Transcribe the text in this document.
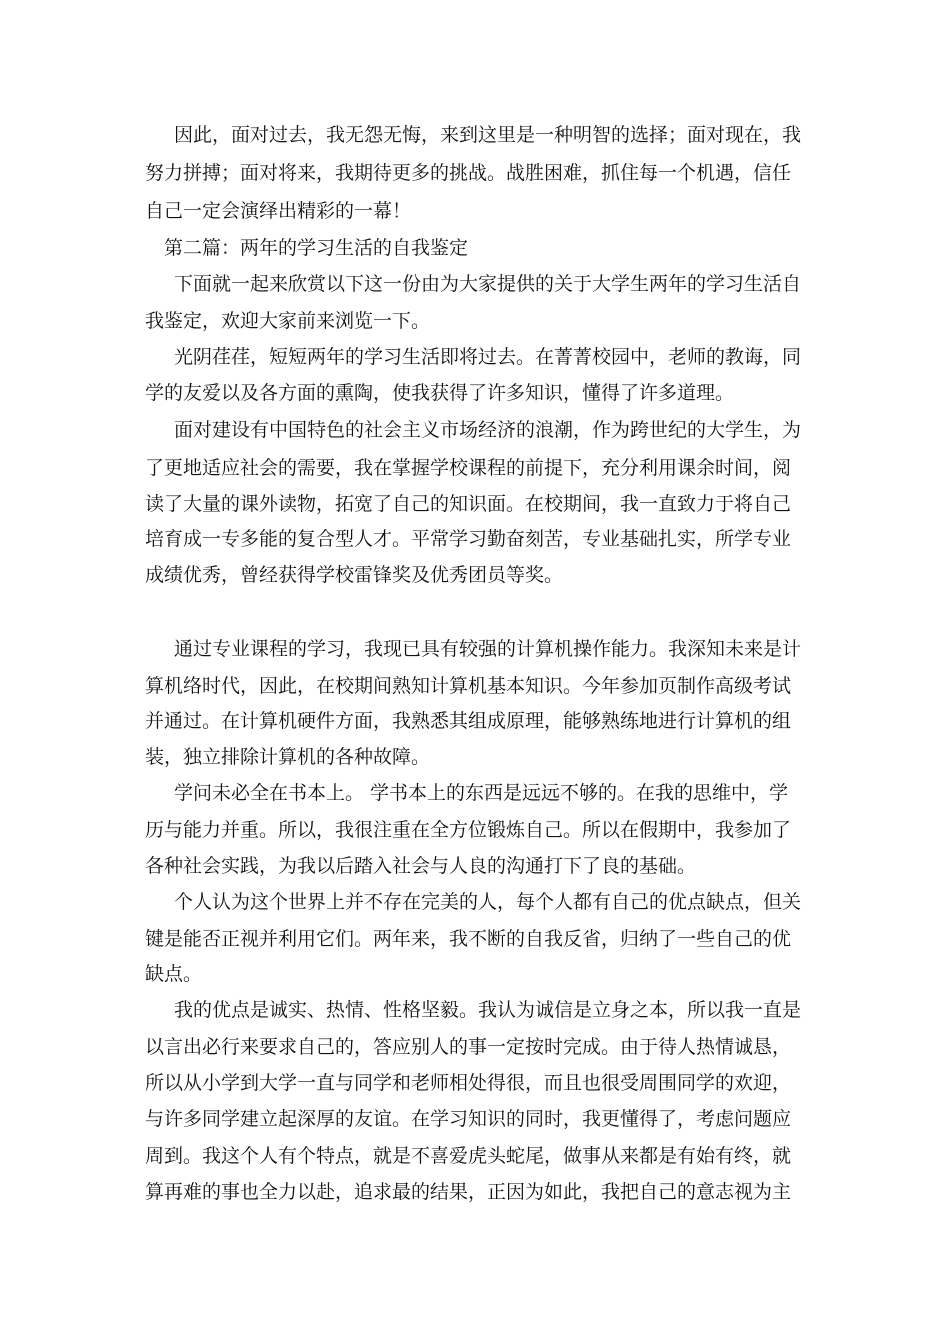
因此，面对过去，我无怨无悔，来到这里是一种明智的选择；面对现在，我

努力拼搏；面对将来，我期待更多的挑战。战胜困难，抓住每一个机遇，信任

自己一定会演绎出精彩的一幕！

第二篇：两年的学习生活的自我鉴定

下面就一起来欣赏以下这一份由为大家提供的关于大学生两年的学习生活自

我鉴定，欢迎大家前来浏览一下。

光阴荏荏，短短两年的学习生活即将过去。在菁菁校园中，老师的教诲，同

学的友爱以及各方面的熏陶，使我获得了许多知识，懂得了许多道理。

面对建设有中国特色的社会主义市场经济的浪潮，作为跨世纪的大学生，为

了更地适应社会的需要，我在掌握学校课程的前提下，充分利用课余时间，阅

读了大量的课外读物，拓宽了自己的知识面。在校期间，我一直致力于将自己

培育成一专多能的复合型人才。平常学习勤奋刻苦，专业基础扎实，所学专业

成绩优秀，曾经获得学校雷锋奖及优秀团员等奖。

通过专业课程的学习，我现已具有较强的计算机操作能力。我深知未来是计

算机络时代，因此，在校期间熟知计算机基本知识。今年参加页制作高级考试

并通过。在计算机硬件方面，我熟悉其组成原理，能够熟练地进行计算机的组

装，独立排除计算机的各种故障。

学问未必全在书本上。 学书本上的东西是远远不够的。在我的思维中，学

历与能力并重。所以，我很注重在全方位锻炼自己。所以在假期中，我参加了

各种社会实践，为我以后踏入社会与人良的沟通打下了良的基础。

个人认为这个世界上并不存在完美的人，每个人都有自己的优点缺点，但关

键是能否正视并利用它们。两年来，我不断的自我反省，归纳了一些自己的优

缺点。

我的优点是诚实、热情、性格坚毅。我认为诚信是立身之本，所以我一直是

以言出必行来要求自己的，答应别人的事一定按时完成。由于待人热情诚恳，

所以从小学到大学一直与同学和老师相处得很，而且也很受周围同学的欢迎，

与许多同学建立起深厚的友谊。在学习知识的同时，我更懂得了，考虑问题应

周到。我这个人有个特点，就是不喜爱虎头蛇尾，做事从来都是有始有终，就

算再难的事也全力以赴，追求最的结果，正因为如此，我把自己的意志视为主
